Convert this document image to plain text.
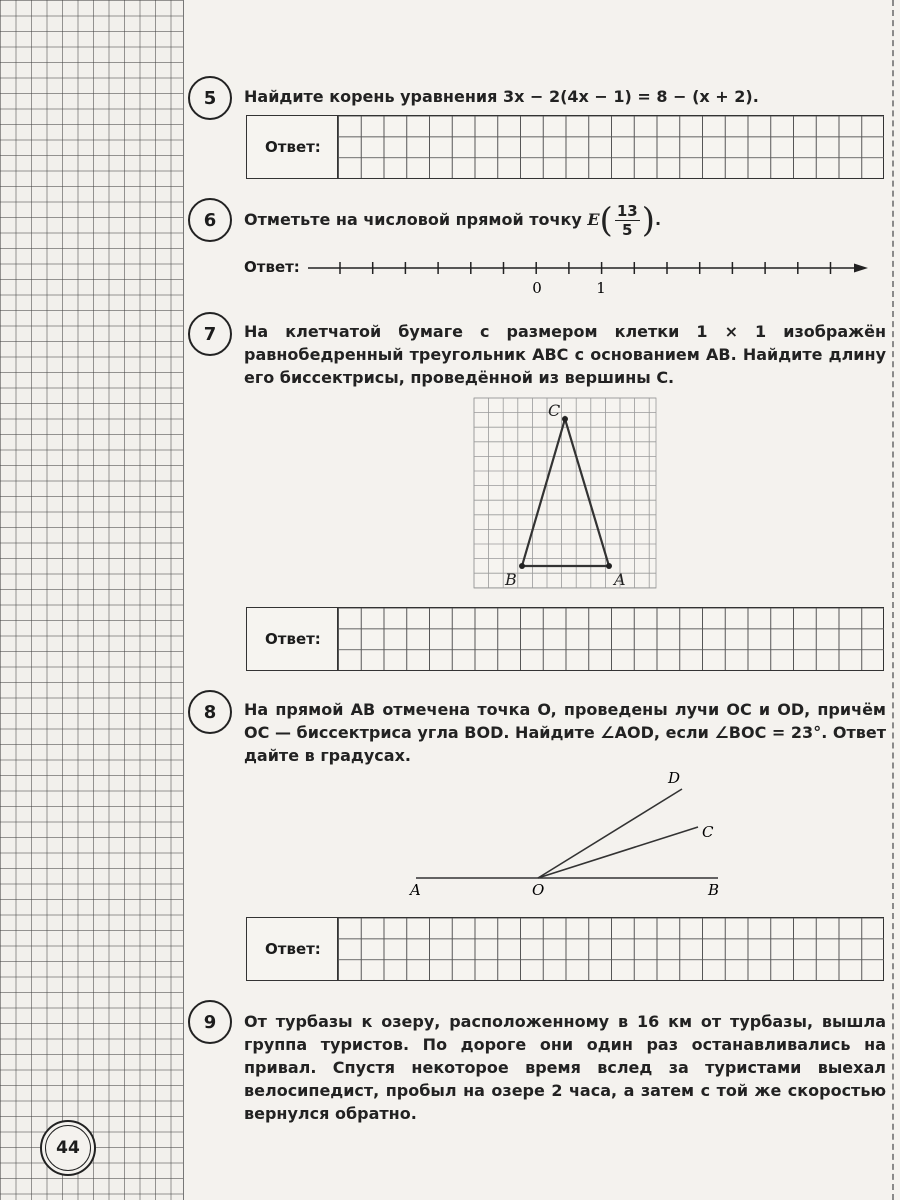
5	Найдите корень уравнения 3x − 2(4x − 1) = 8 − (x + 2).
Ответ:
6	Отметьте на числовой прямой точку $E( \frac{13}{5}$ ).
Ответ:
0	1
7	На клетчатой бумаге с размером клетки 1 × 1 изображён равнобедренный треугольник ABC с основанием AB. Найдите длину его биссектрисы, проведённой из вершины C.
C
B	A
Ответ:
8	На прямой AB отмечена точка O, проведены лучи OC и OD, причём OC — биссектриса угла BOD. Найдите ∠AOD, если ∠BOC = 23°. Ответ дайте в градусах.
A	O	B
C
D
Ответ:
9	От турбазы к озеру, расположенному в 16 км от турбазы, вышла группа туристов. По дороге они один раз останавливались на привал. Спустя некоторое время вслед за туристами выехал велосипедист, пробыл на озере 2 часа, а затем с той же скоростью вернулся обратно.
44
